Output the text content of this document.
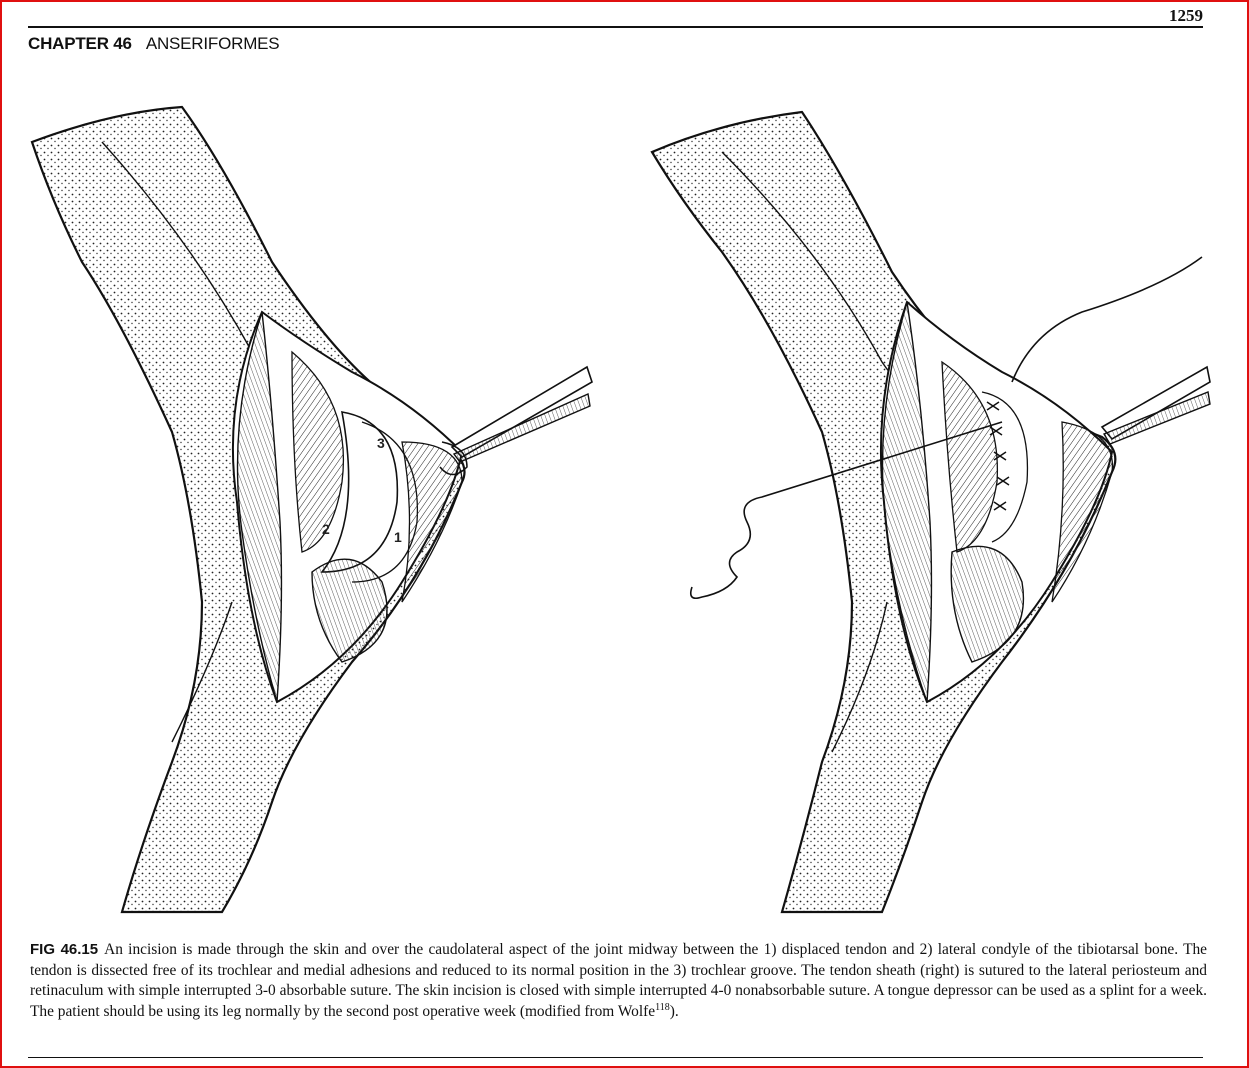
1259
CHAPTER 46 ANSERIFORMES
3
2	1
FIG 46.15 An incision is made through the skin and over the caudolateral aspect of the joint midway between the 1) displaced tendon and 2) lateral condyle of the tibiotarsal bone. The tendon is dissected free of its trochlear and medial adhesions and reduced to its normal position in the 3) trochlear groove. The tendon sheath (right) is sutured to the lateral periosteum and retinaculum with simple interrupted 3-0 absorbable suture. The skin incision is closed with simple interrupted 4-0 nonabsorbable suture. A tongue depressor can be used as a splint for a week. The patient should be using its leg normally by the second post operative week (modified from Wolfe$^{118}$).
